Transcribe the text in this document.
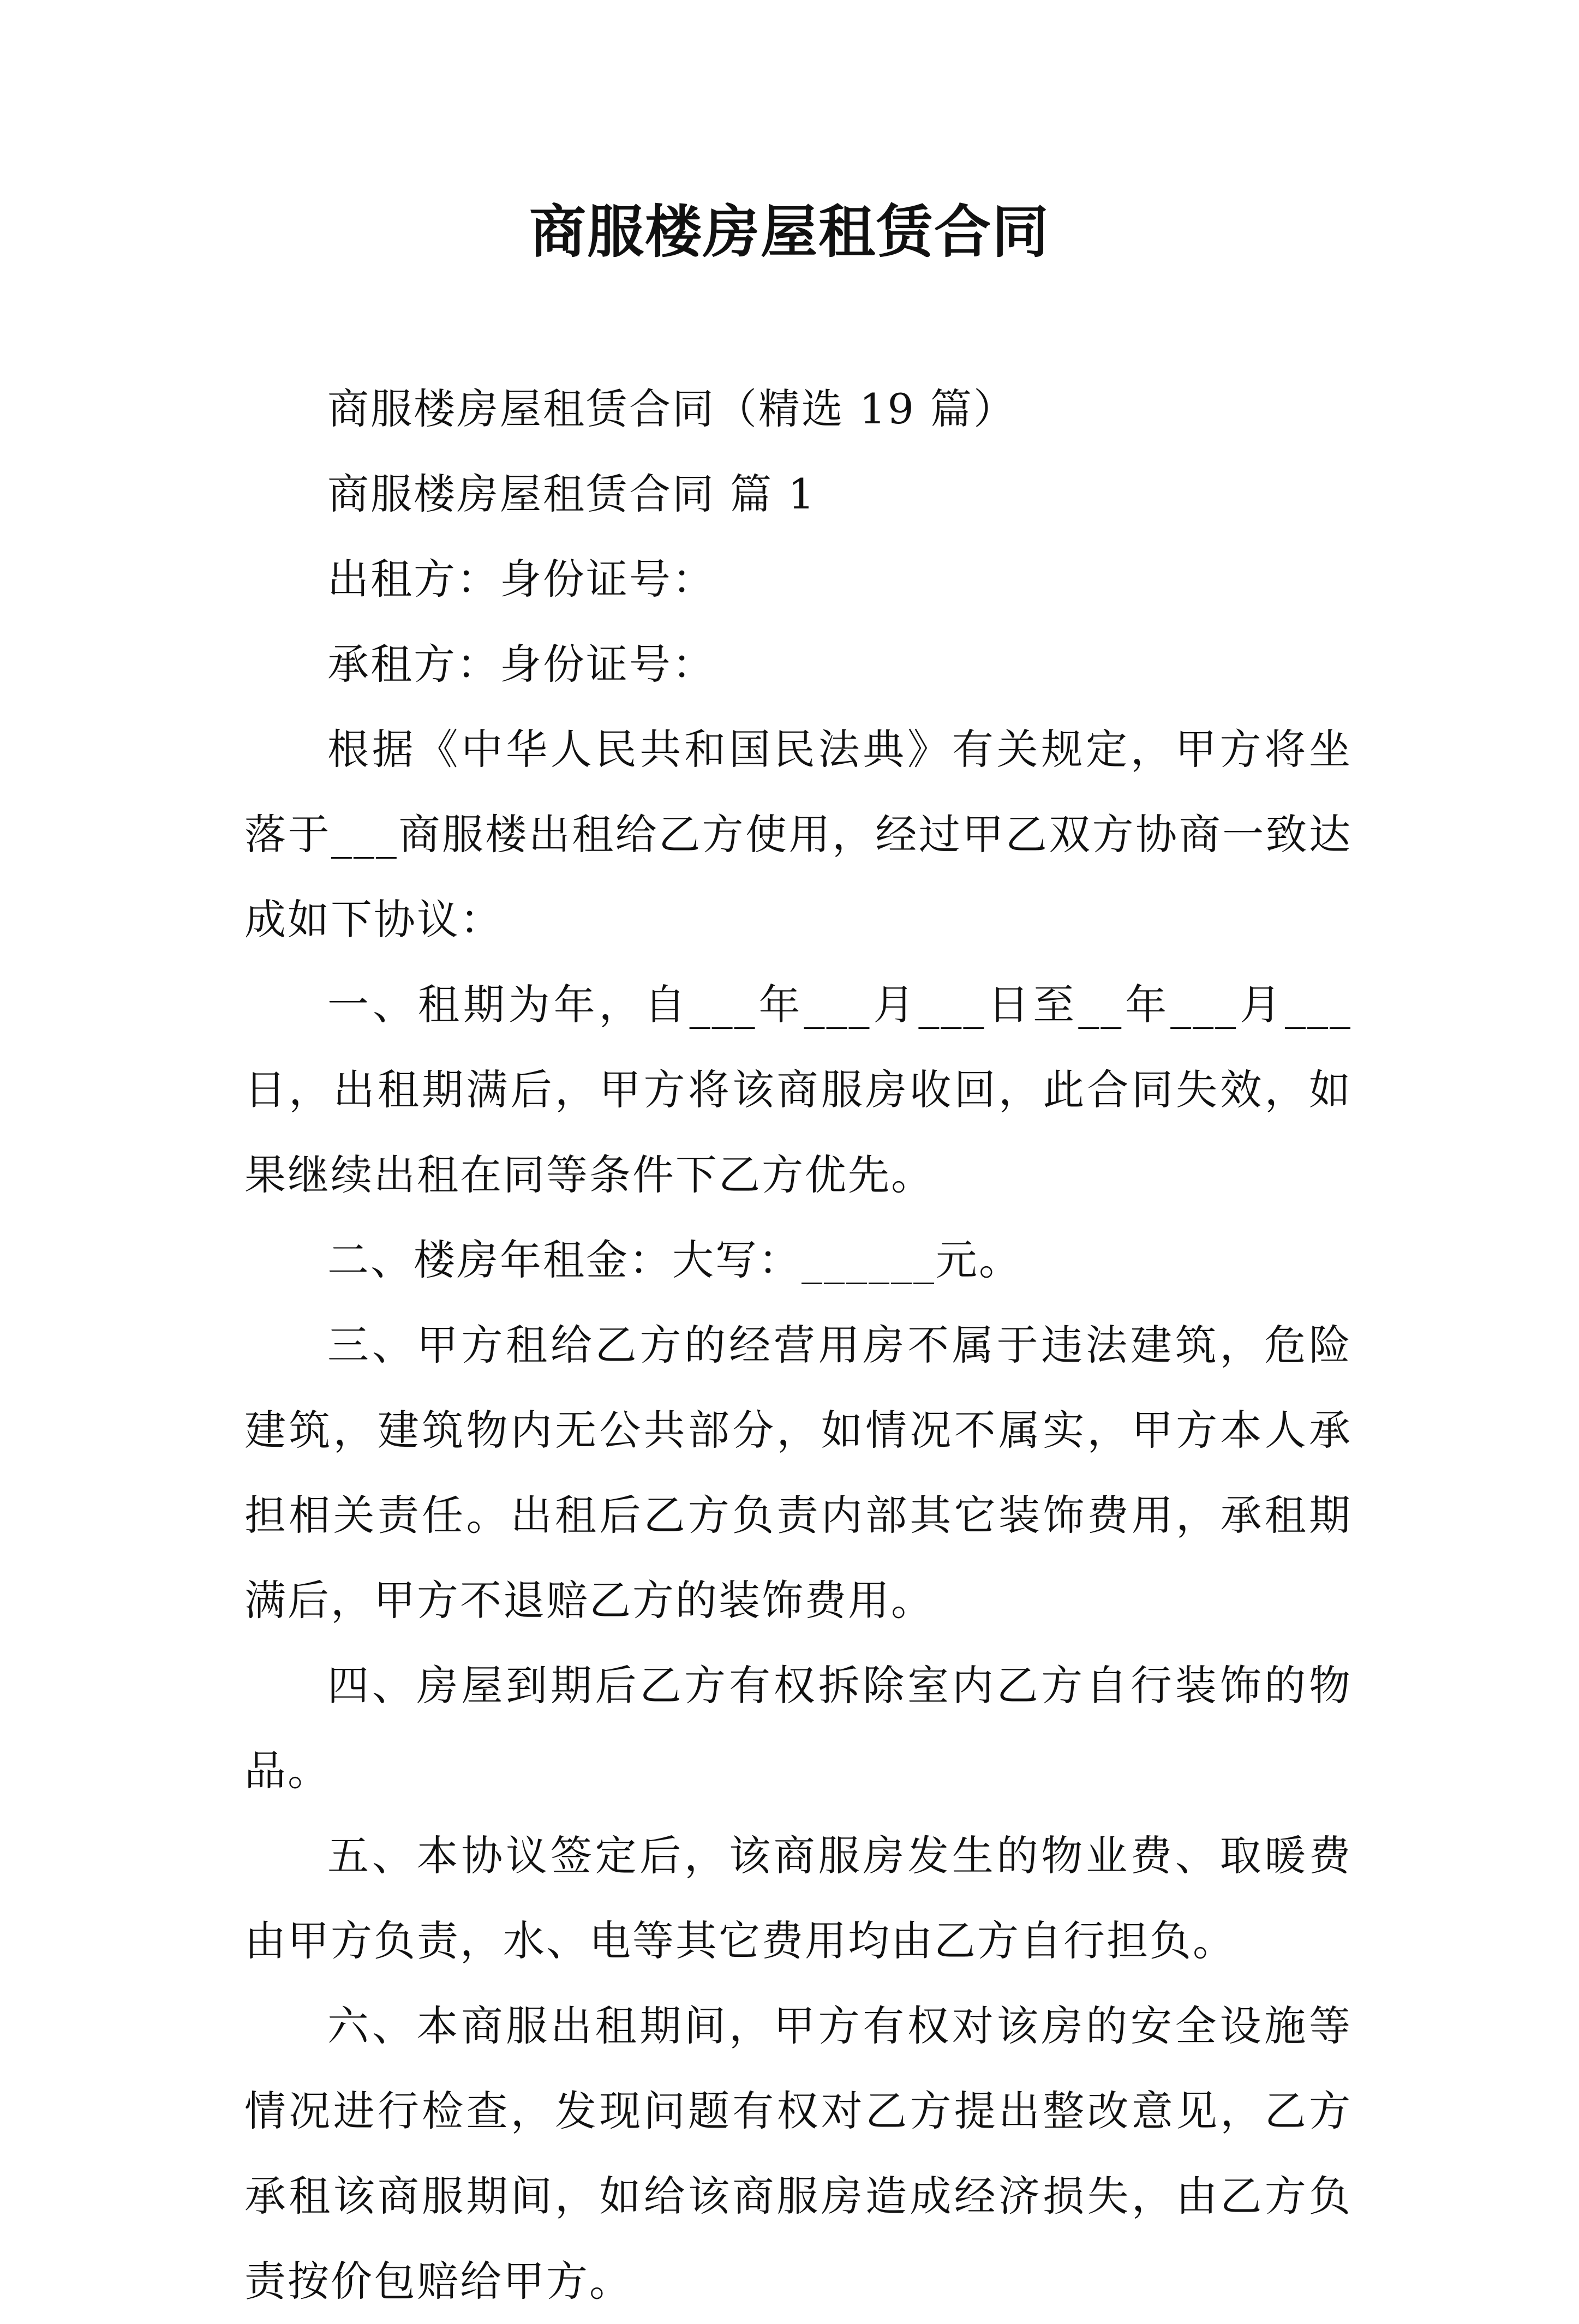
商服楼房屋租赁合同

商服楼房屋租赁合同（精选 19 篇）

商服楼房屋租赁合同 篇 1

出租方：身份证号：

承租方：身份证号：

根据《中华人民共和国民法典》有关规定，甲方将坐落于___商服楼出租给乙方使用，经过甲乙双方协商一致达成如下协议：

一、租期为年，自___年___月___日至__年___月___日，出租期满后，甲方将该商服房收回，此合同失效，如果继续出租在同等条件下乙方优先。

二、楼房年租金：大写：______元。

三、甲方租给乙方的经营用房不属于违法建筑，危险建筑，建筑物内无公共部分，如情况不属实，甲方本人承担相关责任。出租后乙方负责内部其它装饰费用，承租期满后，甲方不退赔乙方的装饰费用。

四、房屋到期后乙方有权拆除室内乙方自行装饰的物品。

五、本协议签定后，该商服房发生的物业费、取暖费由甲方负责，水、电等其它费用均由乙方自行担负。

六、本商服出租期间，甲方有权对该房的安全设施等情况进行检查，发现问题有权对乙方提出整改意见，乙方承租该商服期间，如给该商服房造成经济损失，由乙方负责按价包赔给甲方。
